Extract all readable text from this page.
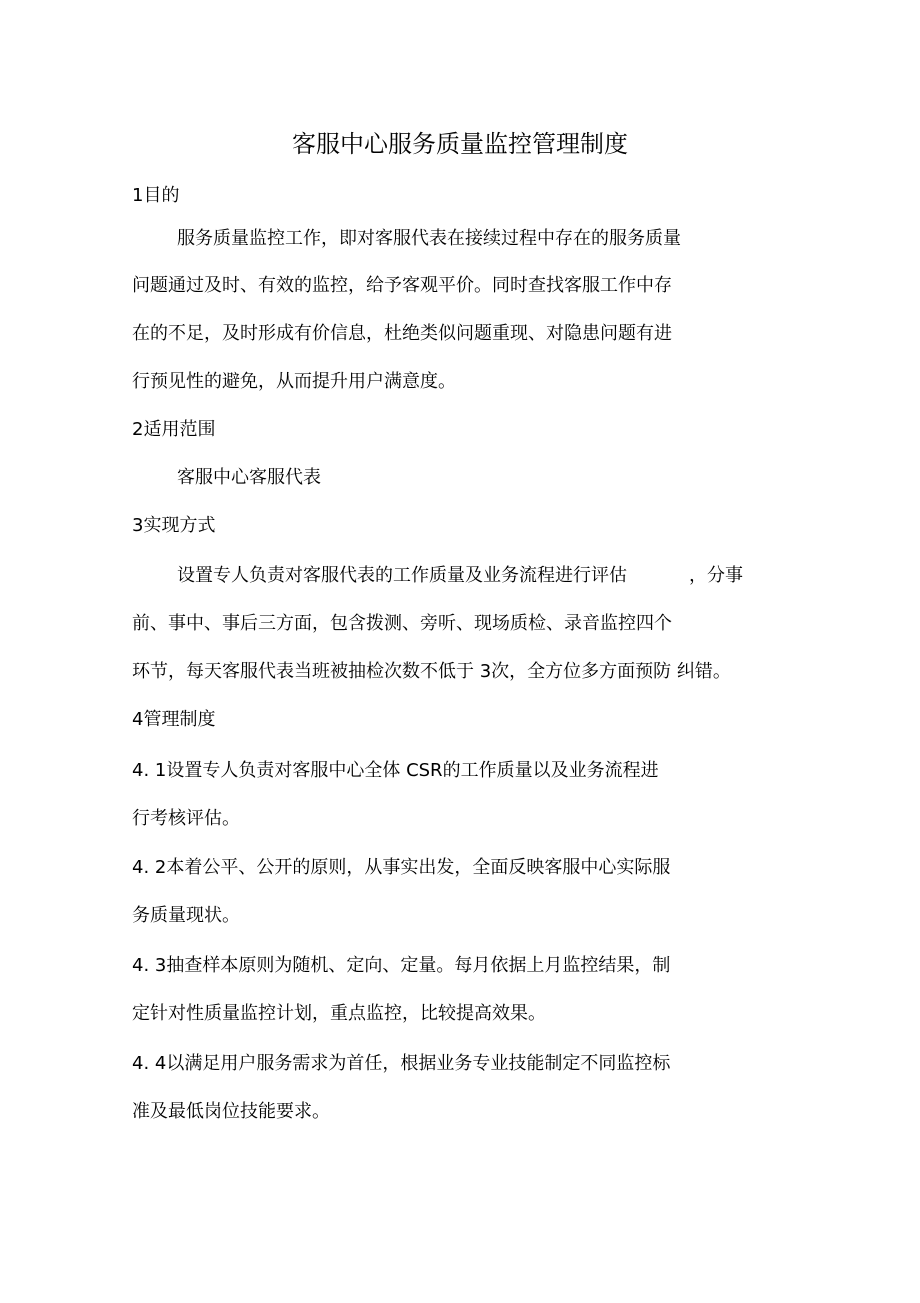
客服中心服务质量监控管理制度
1目的
服务质量监控工作，即对客服代表在接续过程中存在的服务质量
问题通过及时、有效的监控，给予客观平价。同时查找客服工作中存
在的不足，及时形成有价信息，杜绝类似问题重现、对隐患问题有进
行预见性的避免，从而提升用户满意度。
2适用范围
客服中心客服代表
3实现方式
设置专人负责对客服代表的工作质量及业务流程进行评估	，分事
前、事中、事后三方面，包含拨测、旁听、现场质检、录音监控四个
环节，每天客服代表当班被抽检次数不低于 3次，全方位多方面预防 纠错。
4管理制度
4. 1设置专人负责对客服中心全体 CSR的工作质量以及业务流程进
行考核评估。
4. 2本着公平、公开的原则，从事实出发，全面反映客服中心实际服
务质量现状。
4. 3抽查样本原则为随机、定向、定量。每月依据上月监控结果，制
定针对性质量监控计划，重点监控，比较提高效果。
4. 4以满足用户服务需求为首任，根据业务专业技能制定不同监控标
准及最低岗位技能要求。
